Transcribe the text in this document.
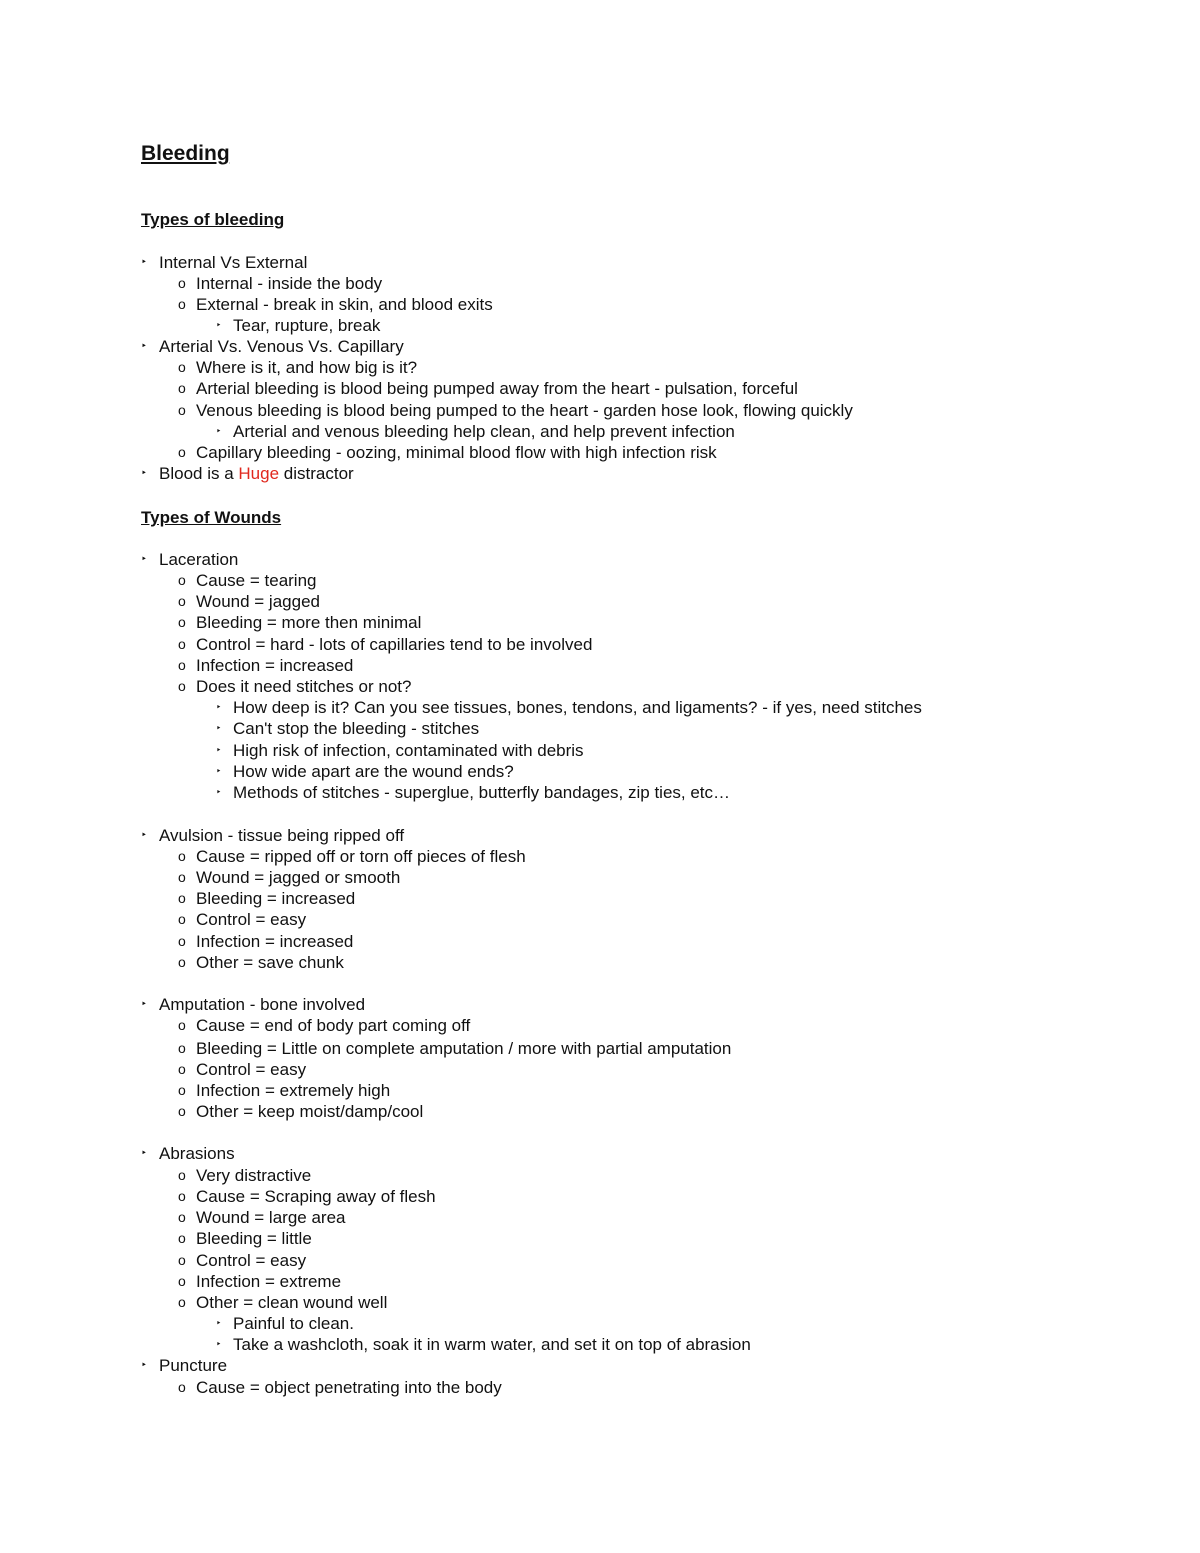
Bleeding
Types of bleeding
‣ Internal Vs External
o Internal - inside the body
o External - break in skin, and blood exits
‣ Tear, rupture, break
‣ Arterial Vs. Venous Vs. Capillary
o Where is it, and how big is it?
o Arterial bleeding is blood being pumped away from the heart - pulsation, forceful
o Venous bleeding is blood being pumped to the heart - garden hose look, flowing quickly
‣ Arterial and venous bleeding help clean, and help prevent infection
o Capillary bleeding - oozing, minimal blood flow with high infection risk
‣ Blood is a Huge distractor
Types of Wounds
‣ Laceration
o Cause = tearing
o Wound = jagged
o Bleeding = more then minimal
o Control = hard - lots of capillaries tend to be involved
o Infection = increased
o Does it need stitches or not?
‣ How deep is it? Can you see tissues, bones, tendons, and ligaments? - if yes, need stitches
‣ Can't stop the bleeding - stitches
‣ High risk of infection, contaminated with debris
‣ How wide apart are the wound ends?
‣ Methods of stitches - superglue, butterfly bandages, zip ties, etc…
‣ Avulsion - tissue being ripped off
o Cause = ripped off or torn off pieces of flesh
o Wound = jagged or smooth
o Bleeding = increased
o Control = easy
o Infection = increased
o Other = save chunk
‣ Amputation - bone involved
o Cause = end of body part coming off
o Bleeding = Little on complete amputation / more with partial amputation
o Control = easy
o Infection = extremely high
o Other = keep moist/damp/cool
‣ Abrasions
o Very distractive
o Cause = Scraping away of flesh
o Wound = large area
o Bleeding = little
o Control = easy
o Infection = extreme
o Other = clean wound well
‣ Painful to clean.
‣ Take a washcloth, soak it in warm water, and set it on top of abrasion
‣ Puncture
o Cause = object penetrating into the body
